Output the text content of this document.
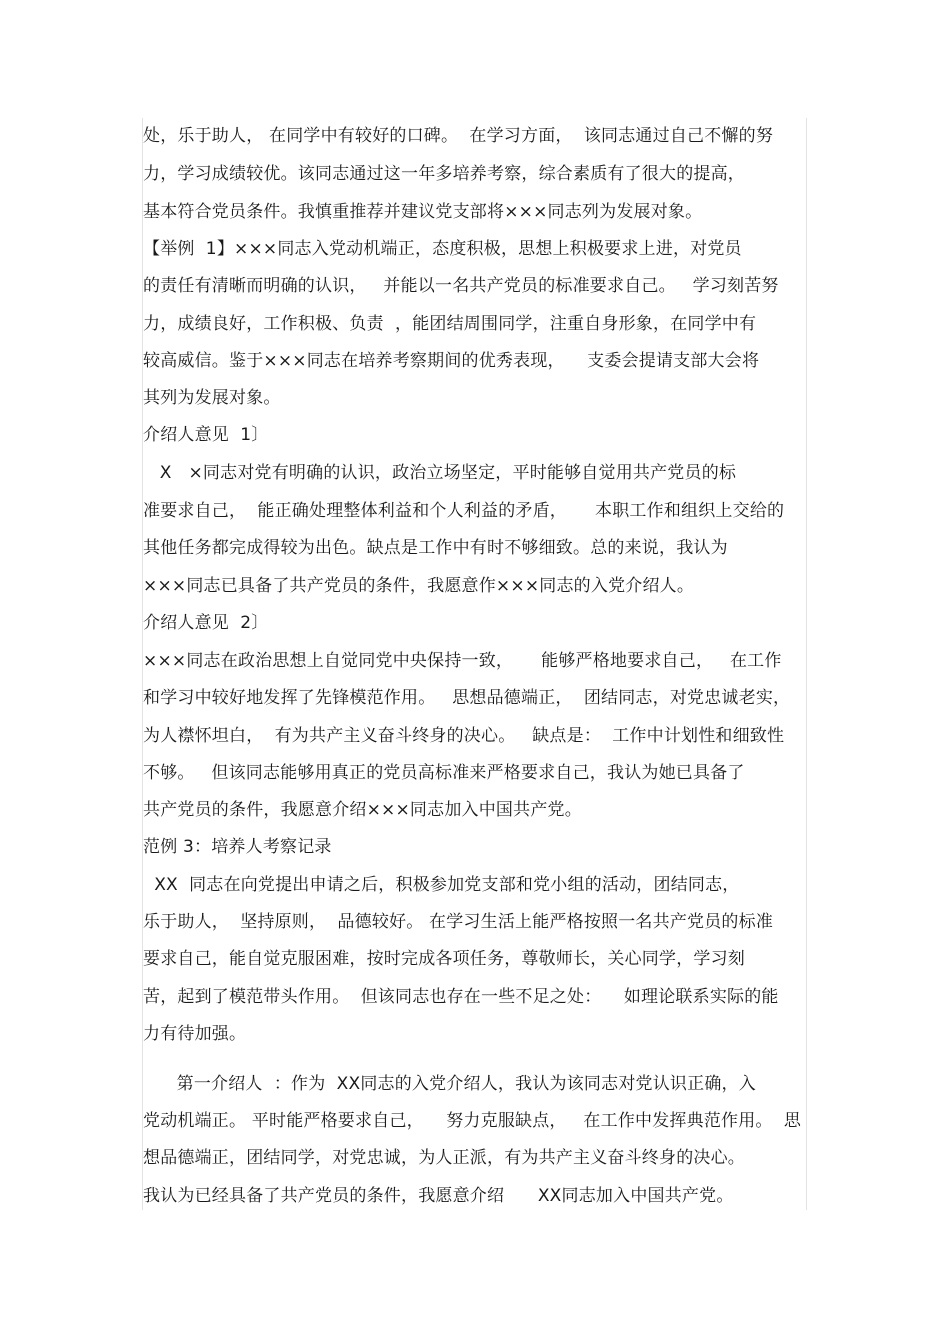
处，乐于助人， 在同学中有较好的口碑。  在学习方面，  该同志通过自己不懈的努
力，学习成绩较优。该同志通过这一年多培养考察，综合素质有了很大的提高，
基本符合党员条件。我慎重推荐并建议党支部将×××同志列为发展对象。
【举例  1】×××同志入党动机端正，态度积极，思想上积极要求上进，对党员
的责任有清晰而明确的认识，   并能以一名共产党员的标准要求自己。   学习刻苦努
力，成绩良好，工作积极、负责  ，能团结周围同学，注重自身形象，在同学中有
较高威信。鉴于×××同志在培养考察期间的优秀表现，    支委会提请支部大会将
其列为发展对象。
介绍人意见  1〕
X   ×同志对党有明确的认识，政治立场坚定，平时能够自觉用共产党员的标
准要求自己，  能正确处理整体利益和个人利益的矛盾，     本职工作和组织上交给的
其他任务都完成得较为出色。缺点是工作中有时不够细致。总的来说，我认为
×××同志已具备了共产党员的条件，我愿意作×××同志的入党介绍人。
介绍人意见  2〕
×××同志在政治思想上自觉同党中央保持一致，     能够严格地要求自己，   在工作
和学习中较好地发挥了先锋模范作用。   思想品德端正，  团结同志，对党忠诚老实，
为人襟怀坦白，  有为共产主义奋斗终身的决心。   缺点是：  工作中计划性和细致性
不够。   但该同志能够用真正的党员高标准来严格要求自己，我认为她已具备了
共产党员的条件，我愿意介绍×××同志加入中国共产党。
范例 3：培养人考察记录
XX  同志在向党提出申请之后，积极参加党支部和党小组的活动，团结同志，
乐于助人，  坚持原则，  品德较好。 在学习生活上能严格按照一名共产党员的标准
要求自己，能自觉克服困难，按时完成各项任务，尊敬师长，关心同学，学习刻
苦，起到了模范带头作用。  但该同志也存在一些不足之处：    如理论联系实际的能
力有待加强。
第一介绍人  ：作为  XX同志的入党介绍人，我认为该同志对党认识正确，入
党动机端正。 平时能严格要求自己，    努力克服缺点，   在工作中发挥典范作用。  思
想品德端正，团结同学，对党忠诚，为人正派，有为共产主义奋斗终身的决心。
我认为已经具备了共产党员的条件，我愿意介绍      XX同志加入中国共产党。
